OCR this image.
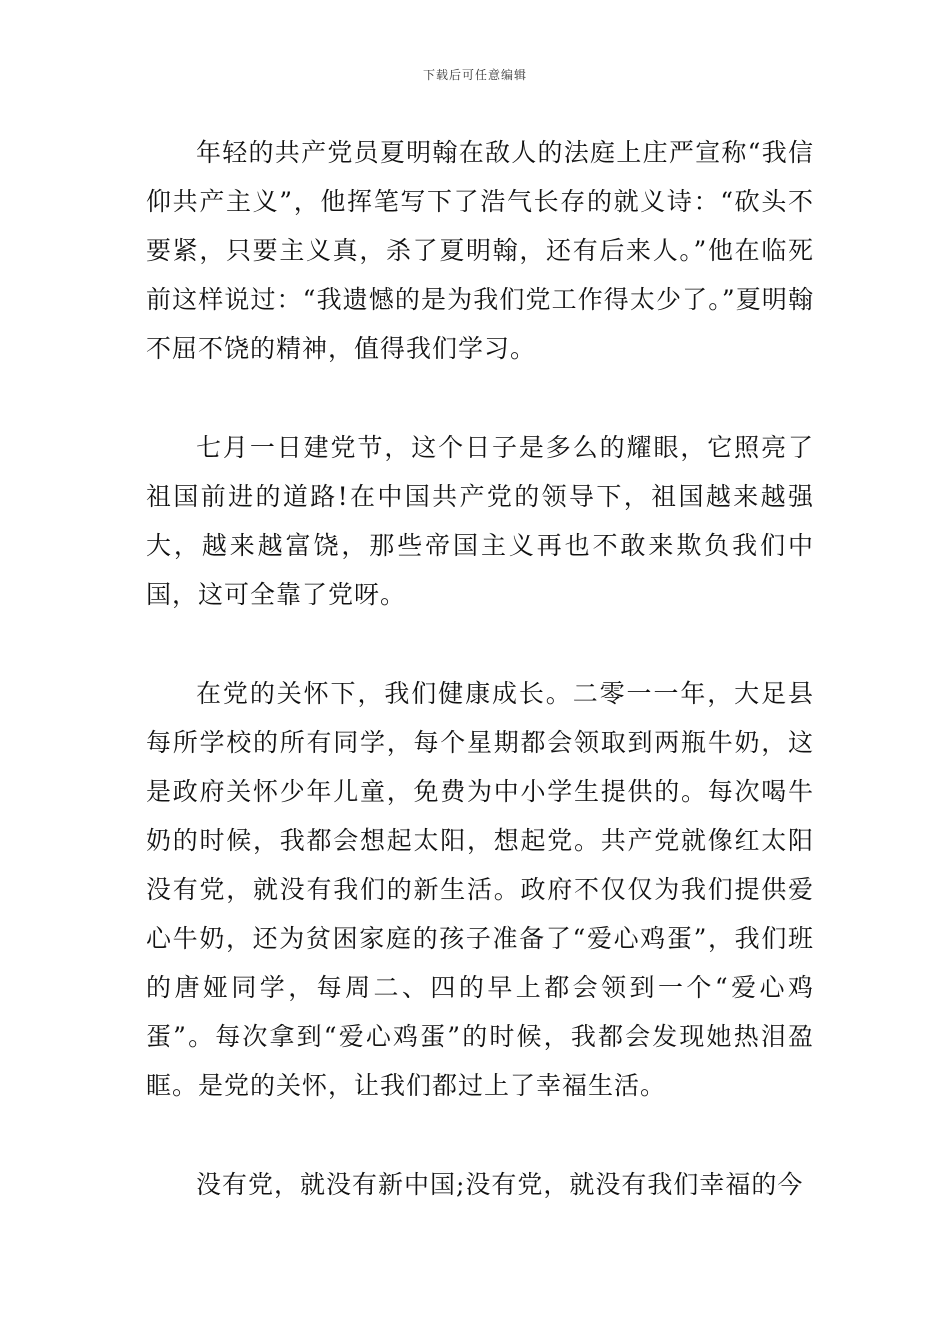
下载后可任意编辑

年轻的共产党员夏明翰在敌人的法庭上庄严宣称“我信仰共产主义”，他挥笔写下了浩气长存的就义诗：“砍头不要紧，只要主义真，杀了夏明翰，还有后来人。”他在临死前这样说过：“我遗憾的是为我们党工作得太少了。”夏明翰不屈不饶的精神，值得我们学习。

七月一日建党节，这个日子是多么的耀眼，它照亮了祖国前进的道路!在中国共产党的领导下，祖国越来越强大，越来越富饶，那些帝国主义再也不敢来欺负我们中国，这可全靠了党呀。

在党的关怀下，我们健康成长。二零一一年，大足县每所学校的所有同学，每个星期都会领取到两瓶牛奶，这是政府关怀少年儿童，免费为中小学生提供的。每次喝牛奶的时候，我都会想起太阳，想起党。共产党就像红太阳没有党，就没有我们的新生活。政府不仅仅为我们提供爱心牛奶，还为贫困家庭的孩子准备了“爱心鸡蛋”，我们班的唐娅同学，每周二、四的早上都会领到一个“爱心鸡蛋”。每次拿到“爱心鸡蛋”的时候，我都会发现她热泪盈眶。是党的关怀，让我们都过上了幸福生活。

没有党，就没有新中国;没有党，就没有我们幸福的今
